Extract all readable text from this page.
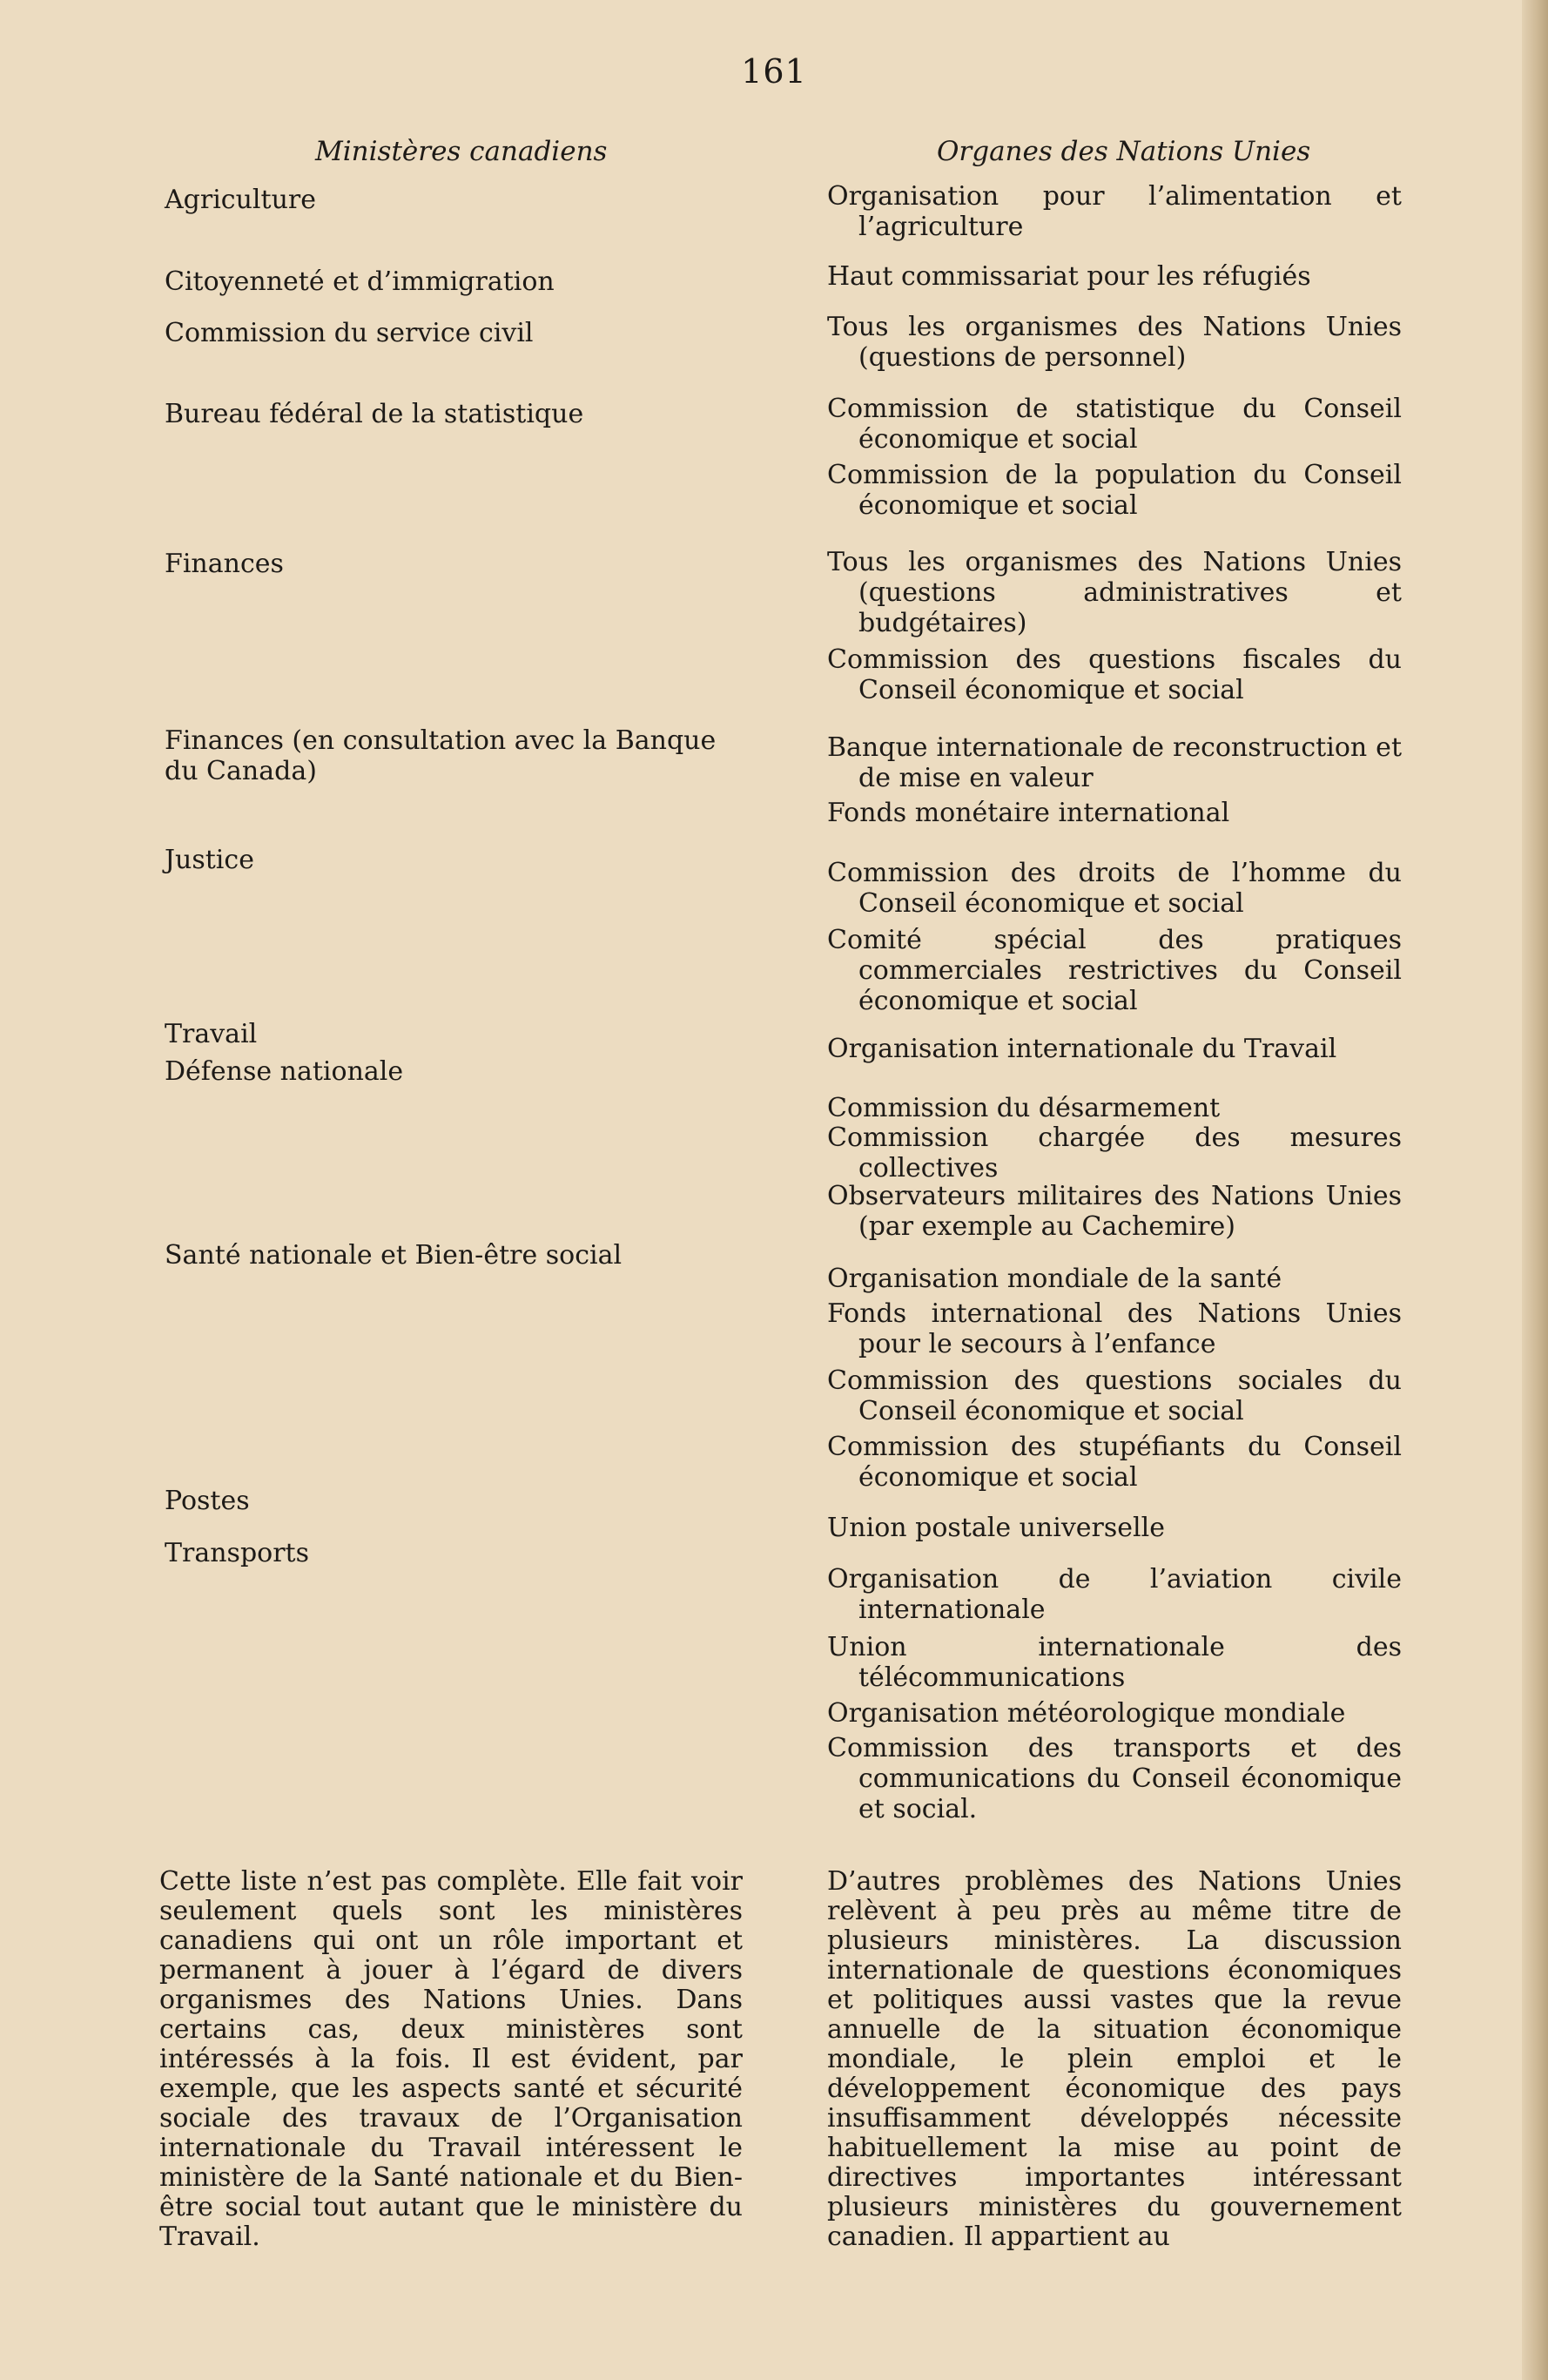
161
Ministères canadiens	Organes des Nations Unies
Agriculture
Citoyenneté et d’immigration
Commission du service civil
Bureau fédéral de la statistique
Finances
Finances (en consultation avec la Banque du Canada)
Justice
Travail
Défense nationale
Santé nationale et Bien-être social
Postes
Transports
Organisation pour l’alimentation et l’agriculture
Haut commissariat pour les réfugiés
Tous les organismes des Nations Unies (questions de personnel)
Commission de statistique du Conseil économique et social
Commission de la population du Conseil économique et social
Tous les organismes des Nations Unies (questions administratives et budgétaires)
Commission des questions fiscales du Conseil économique et social
Banque internationale de reconstruction et de mise en valeur
Fonds monétaire international
Commission des droits de l’homme du Conseil économique et social
Comité spécial des pratiques commerciales restrictives du Conseil économique et social
Organisation internationale du Travail
Commission du désarmement
Commission chargée des mesures collectives
Observateurs militaires des Nations Unies (par exemple au Cachemire)
Organisation mondiale de la santé
Fonds international des Nations Unies pour le secours à l’enfance
Commission des questions sociales du Conseil économique et social
Commission des stupéfiants du Conseil économique et social
Union postale universelle
Organisation de l’aviation civile internationale
Union internationale des télécommunications
Organisation météorologique mondiale
Commission des transports et des communications du Conseil économique et social.
Cette liste n’est pas complète. Elle fait voir seulement quels sont les ministères canadiens qui ont un rôle important et permanent à jouer à l’égard de divers organismes des Nations Unies. Dans certains cas, deux ministères sont intéressés à la fois. Il est évident, par exemple, que les aspects santé et sécurité sociale des travaux de l’Organisation internationale du Travail intéressent le ministère de la Santé nationale et du Bien-être social tout autant que le ministère du Travail.
D’autres problèmes des Nations Unies relèvent à peu près au même titre de plusieurs ministères. La discussion internationale de questions économiques et politiques aussi vastes que la revue annuelle de la situation économique mondiale, le plein emploi et le développement économique des pays insuffisamment développés nécessite habituellement la mise au point de directives importantes intéressant plusieurs ministères du gouvernement canadien. Il appartient au
